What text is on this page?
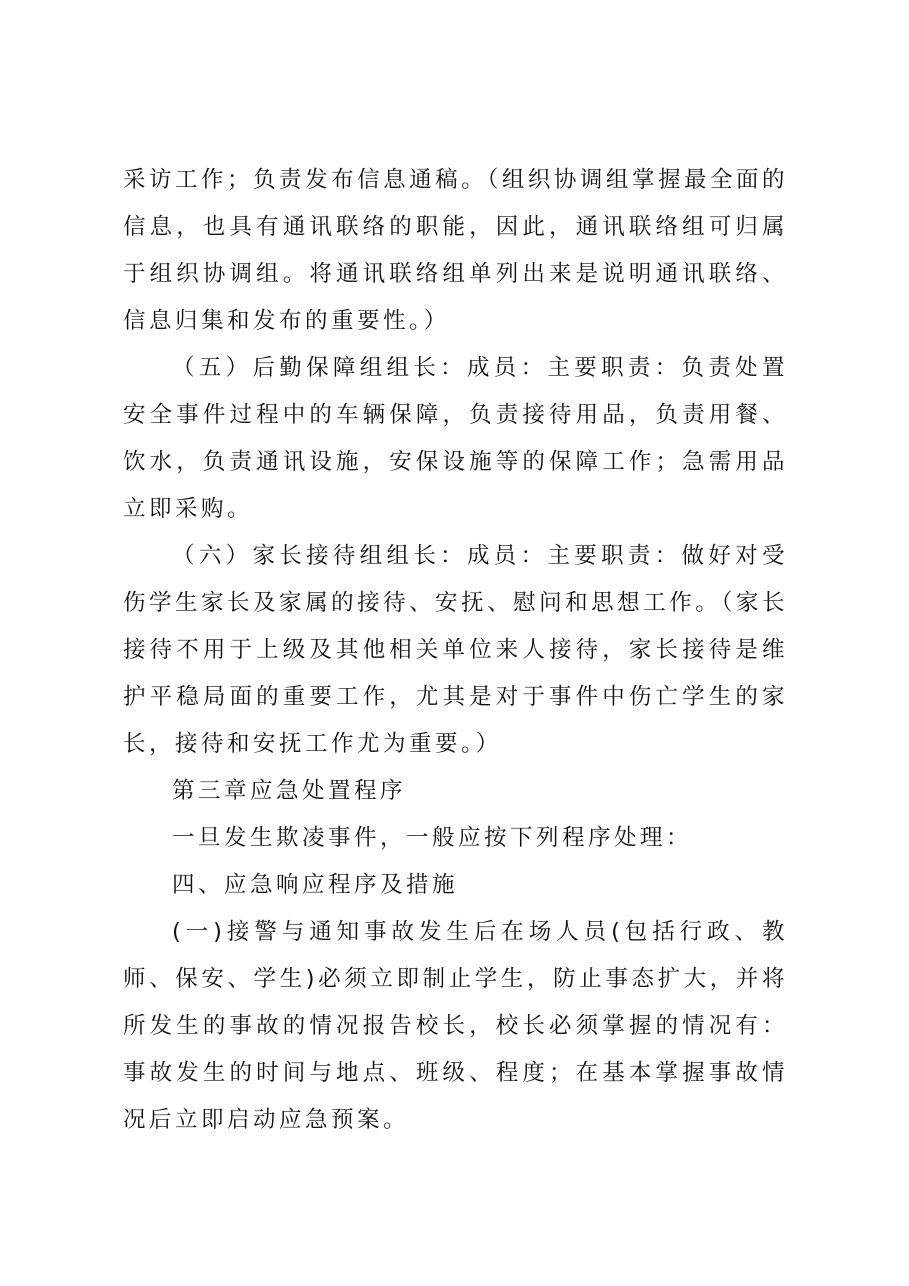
采访工作；负责发布信息通稿。（组织协调组掌握最全面的信息，也具有通讯联络的职能，因此，通讯联络组可归属于组织协调组。将通讯联络组单列出来是说明通讯联络、信息归集和发布的重要性。）

（五）后勤保障组组长：成员：主要职责：负责处置安全事件过程中的车辆保障，负责接待用品，负责用餐、饮水，负责通讯设施，安保设施等的保障工作；急需用品立即采购。

（六）家长接待组组长：成员：主要职责：做好对受伤学生家长及家属的接待、安抚、慰问和思想工作。（家长接待不用于上级及其他相关单位来人接待，家长接待是维护平稳局面的重要工作，尤其是对于事件中伤亡学生的家长，接待和安抚工作尤为重要。）

第三章应急处置程序

一旦发生欺凌事件，一般应按下列程序处理：

四、应急响应程序及措施

(一)接警与通知事故发生后在场人员(包括行政、教师、保安、学生)必须立即制止学生，防止事态扩大，并将所发生的事故的情况报告校长，校长必须掌握的情况有：事故发生的时间与地点、班级、程度；在基本掌握事故情况后立即启动应急预案。
